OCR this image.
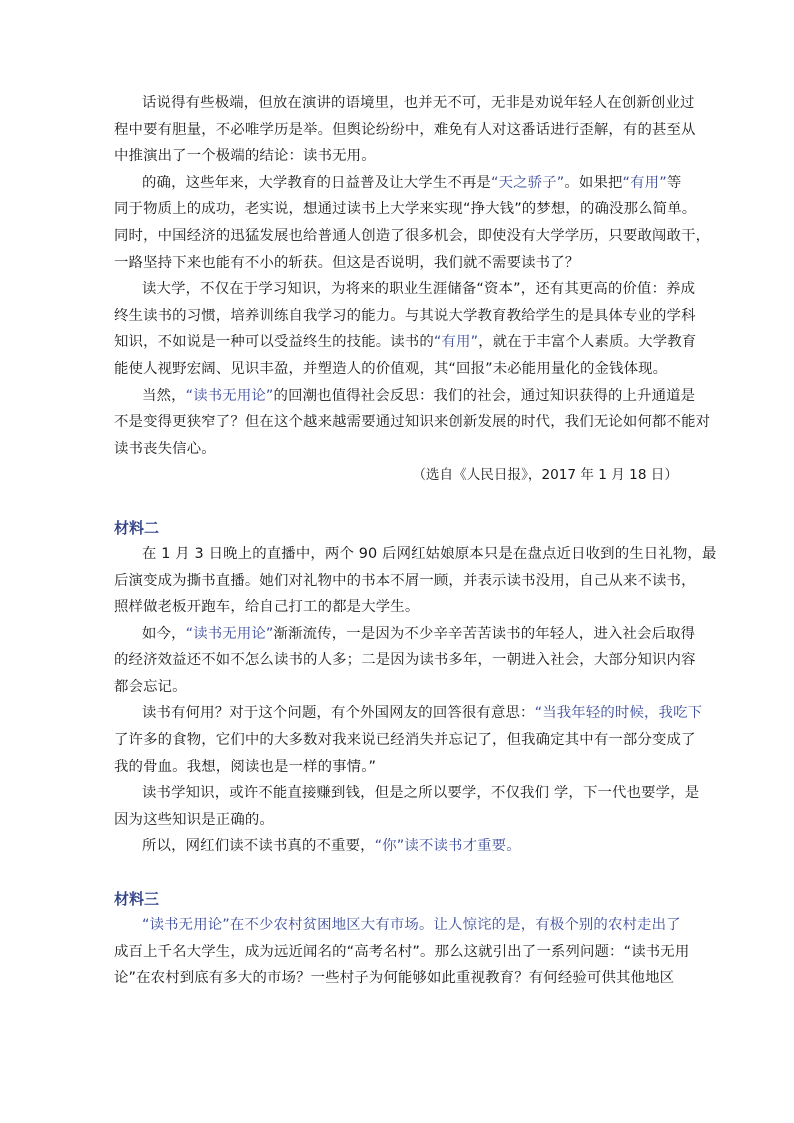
话说得有些极端，但放在演讲的语境里，也并无不可，无非是劝说年轻人在创新创业过
程中要有胆量，不必唯学历是举。但舆论纷纷中，难免有人对这番话进行歪解，有的甚至从
中推演出了一个极端的结论：读书无用。
的确，这些年来，大学教育的日益普及让大学生不再是“天之骄子”。如果把“有用”等
同于物质上的成功，老实说，想通过读书上大学来实现“挣大钱”的梦想，的确没那么简单。
同时，中国经济的迅猛发展也给普通人创造了很多机会，即使没有大学学历，只要敢闯敢干，
一路坚持下来也能有不小的斩获。但这是否说明，我们就不需要读书了？
读大学，不仅在于学习知识，为将来的职业生涯储备“资本”，还有其更高的价值：养成
终生读书的习惯，培养训练自我学习的能力。与其说大学教育教给学生的是具体专业的学科
知识，不如说是一种可以受益终生的技能。读书的“有用”，就在于丰富个人素质。大学教育
能使人视野宏阔、见识丰盈，并塑造人的价值观，其“回报”未必能用量化的金钱体现。
当然，“读书无用论”的回潮也值得社会反思：我们的社会，通过知识获得的上升通道是
不是变得更狭窄了？但在这个越来越需要通过知识来创新发展的时代，我们无论如何都不能对
读书丧失信心。
（选自《人民日报》，2017 年 1 月 18 日）
材料二
在 1 月 3 日晚上的直播中，两个 90 后网红姑娘原本只是在盘点近日收到的生日礼物，最
后演变成为撕书直播。她们对礼物中的书本不屑一顾，并表示读书没用，自己从来不读书，
照样做老板开跑车，给自己打工的都是大学生。
如今，“读书无用论”渐渐流传，一是因为不少辛辛苦苦读书的年轻人，进入社会后取得
的经济效益还不如不怎么读书的人多；二是因为读书多年，一朝进入社会，大部分知识内容
都会忘记。
读书有何用？对于这个问题，有个外国网友的回答很有意思：“当我年轻的时候，我吃下
了许多的食物，它们中的大多数对我来说已经消失并忘记了，但我确定其中有一部分变成了
我的骨血。我想，阅读也是一样的事情。”
读书学知识，或许不能直接赚到钱，但是之所以要学，不仅我们 学，下一代也要学，是
因为这些知识是正确的。
所以，网红们读不读书真的不重要，“你”读不读书才重要。
材料三
“读书无用论”在不少农村贫困地区大有市场。让人惊诧的是，有极个别的农村走出了
成百上千名大学生，成为远近闻名的“高考名村”。那么这就引出了一系列问题：“读书无用
论”在农村到底有多大的市场？一些村子为何能够如此重视教育？有何经验可供其他地区
